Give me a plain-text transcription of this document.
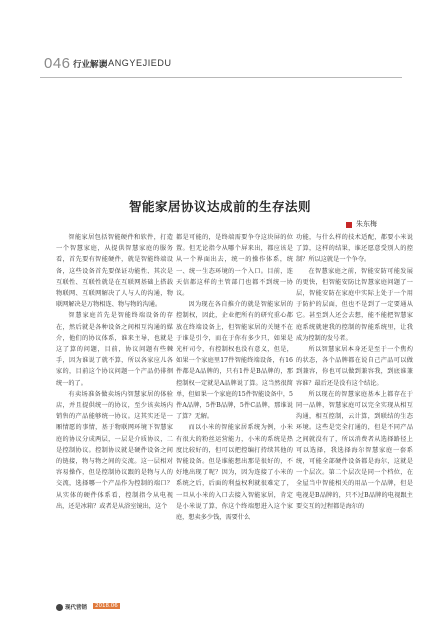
046 行业解读
HANGYEJIEDU
智能家居协议达成前的生存法则
朱东梅

智能家居包括智能硬件和软件，打造一个智慧家庭，从提供智慧家庭的服务看，首先要有智能硬件，就是智能终端设备，这些设备首先要保证功能性、其次是互联性、互联性就是在互联网基础上搭载物联网、互联网解决了人与人的沟通，物联网解决是万物相连、物与物的沟通。

智慧家庭首先是智能终端设备的存在，然后就是各种设备之间相互沟通的媒介，他们的协议体系，谁来主导，也就是这了算的问题，目前，协议问题有些棘手，因为谁说了就不算，所以各家应儿各家的，目前这个协议问题一个产品仍徘徊统一的了。

有卖场准备做卖场内智慧家居的体验店，并且提供统一的协议，至少该卖场内销售的产品能够统一协议。这其实还是一厢情愿的事情，基于物联网环境下智慧家庭的协议分成两层，一层是介质协议，二是控制协议。控制协议就是硬件设备之间的链接，物与物之间的交流。这一层相对容易操作，但是控制协议跟的是物与人的交流，选择哪一个产品作为控制的端口？从实体的硬件体系看，控制指令从电视出，还是冰箱？或者是从浴室镜出，这个

都是可能的，是终端需要争夺这块屏的位置。但无论指令从哪个屏来出，都应该是从一个界面出去，统一的操作体系，统一、统一生态环境的一个入口。目前，连天信都这样的主管部门也都不到统一协议。

因为现在各自推介的就是智能家居的控制权，因此，企业把所有的研究重心都放在终端设备上，但智能家居的关键不在于谁是引令，而在于你有多少只，如果是光杆司令，有控制权也没有意义，但是，如果一个家庭里17件智能终端设备，有16件都是A品牌的，只有1件是B品牌的，那控制权一定就是A品牌说了算。这当然很简单，但如果一个家庭的15件智能设备中，5件A品牌，5件B品牌，5件C品牌，那谁说了算？无解。

而以小米的智能家居系统为例，小米有很大的粉丝运营能力，小米的系统是热度比较好的，但可以把控编打持续其他的智能设备。但是谁能想出那是很好的，不好地出现了呢？因为，因为连接了小米的系统之后，后面的利益权利就很难定了，一旦从小米的入口去接入智能家居，肯定是小米说了算，你这个终端想进入这个家庭，想卖多少钱，需要什么

功能，与什么样的技术适配，都要小米说了算，这样的结果，谁还愿意受别人的控制？所以这就是一个争夺。

在智慧家庭之前，智能安防可能发展的更快，但智能安防比智慧家庭问题了一层，智能安防在家庭中实际上处于一个用于防护的层面，但也不是到了一定要通从它。甚至到人还会去想，能不能把智慧家庭系统就建我的控制的智能系统里，让我成为控制的发号者。

所以智慧家居本身还是至于一个焦灼的状态，各个品牌都在说自己产品可以做到兼容，你也可以做到兼容我，到底谁兼容谁？最后还是没有这个结论。

所以现在的智慧家庭基本上都存在于同一品牌，智慧家庭可以完全实现从相互沟通，相互控制，云计算，到联结的生态环境。这些是完全打通的，但是不同产品之间就没有了，所以消费者从选择路径上可以选择，我选择海尔智慧家庭一套系统，可能全部硬件设备都是海尔，这就是一个层次。第二个层次是同一个档位，在全屋当中智能相关的用品一个品牌，但是电视是B品牌的，只不过B品牌的电视跟主要交互的过程都是海尔的

现代营销	2018.06
